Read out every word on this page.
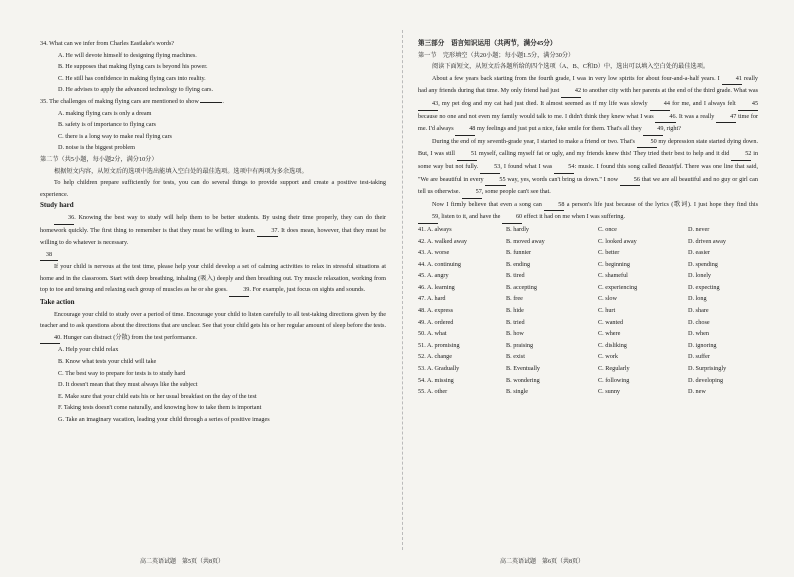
34. What can we infer from Charles Eastlake's words?
A. He will devote himself to designing flying machines.
B. He supposes that making flying cars is beyond his power.
C. He still has confidence in making flying cars into reality.
D. He advises to apply the advanced technology to flying cars.
35. The challenges of making flying cars are mentioned to show	.
A. making flying cars is only a dream
B. safety is of importance to flying cars
C. there is a long way to make real flying cars
D. noise is the biggest problem
第二节（共5小题，每小题2分，满分10分）
根据短文内容，从短文后的选项中选出能填入空白处的最佳选项。选项中有两项为多余选项。
To help children prepare sufficiently for tests, you can do several things to provide support and create a positive test-taking experience.
Study hard
36. Knowing the best way to study will help them to be better students. By using their time properly, they can do their homework quickly. The first thing to remember is that they must be willing to learn.	37. It does mean, however, that they must be willing to do whatever is necessary.
38
If your child is nervous at the test time, please help your child develop a set of calming activities to relax in stressful situations at home and in the classroom. Start with deep breathing, inhaling (吸入) deeply and then breathing out. Try muscle relaxation, working from top to toe and tensing and relaxing each group of muscles as he or she goes.	39. For example, just focus on sights and sounds.
Take action
Encourage your child to study over a period of time. Encourage your child to listen carefully to all test-taking directions given by the teacher and to ask questions about the directions that are unclear. See that your child gets his or her regular amount of sleep before the tests. 40. Hunger can distract (分散) from the test performance.
A. Help your child relax
B. Know what tests your child will take
C. The best way to prepare for tests is to study hard
D. It doesn't mean that they must always like the subject
E. Make sure that your child eats his or her usual breakfast on the day of the test
F. Taking tests doesn't come naturally, and knowing how to take them is important
G. Take an imaginary vacation, leading your child through a series of positive images
第三部分　语言知识运用（共两节，满分45分）
第一节　完形填空（共20小题；每小题1.5分，满分30分）
阅读下面短文，从短文后各题所给的四个选项（A、B、C和D）中，选出可以填入空白处的最佳选项。
About a few years back starting from the fourth grade, I was in very low spirits for about four-and-a-half years. I	41 really had any friends during that time. My only friend had just	42 to another city with her parents at the end of the third grade. What was 43, my pet dog and my cat had just died. It almost seemed as if my life was slowly	44 for me, and I always felt	45 because no one and not even my family would talk to me. I didn't think they knew what I was	46. It was a really	47 time for me. I'd always	48 my feelings and just put a nice, fake smile for them. That's all they	49, right?
During the end of my seventh-grade year, I started to make a friend or two. That's	50 my depression state started dying down. But, I was still	51 myself, calling myself fat or ugly, and my friends knew this! They tried their best to help and it did	52 in some way but not fully.	53, I found what I was	54: music. I found this song called Beautiful. There was one line that said, "We are beautiful in every	55 way, yes, words can't bring us down." I now	56 that we are all beautiful and no guy or girl can tell us otherwise.	57, some people can't see that.
Now I firmly believe that even a song can	58 a person's life just because of the lyrics (歌词). I just hope they find this 59, listen to it, and have the	60 effect it had on me when I was suffering.
41. A. always	B. hardly	C. once	D. never
42. A. walked away	B. moved away	C. looked away	D. driven away
43. A. worse	B. funnier	C. better	D. easier
44. A. continuing	B. ending	C. beginning	D. spending
45. A. angry	B. tired	C. shameful	D. lonely
46. A. learning	B. accepting	C. experiencing	D. expecting
47. A. hard	B. free	C. slow	D. long
48. A. express	B. hide	C. hurt	D. share
49. A. ordered	B. tried	C. wanted	D. chose
50. A. what	B. how	C. where	D. when
51. A. promising	B. praising	C. disliking	D. ignoring
52. A. change	B. exist	C. work	D. suffer
53. A. Gradually	B. Eventually	C. Regularly	D. Surprisingly
54. A. missing	B. wondering	C. following	D. developing
55. A. other	B. single	C. sunny	D. new
高二英语试题　第5页（共8页）	高二英语试题　第6页（共8页）
